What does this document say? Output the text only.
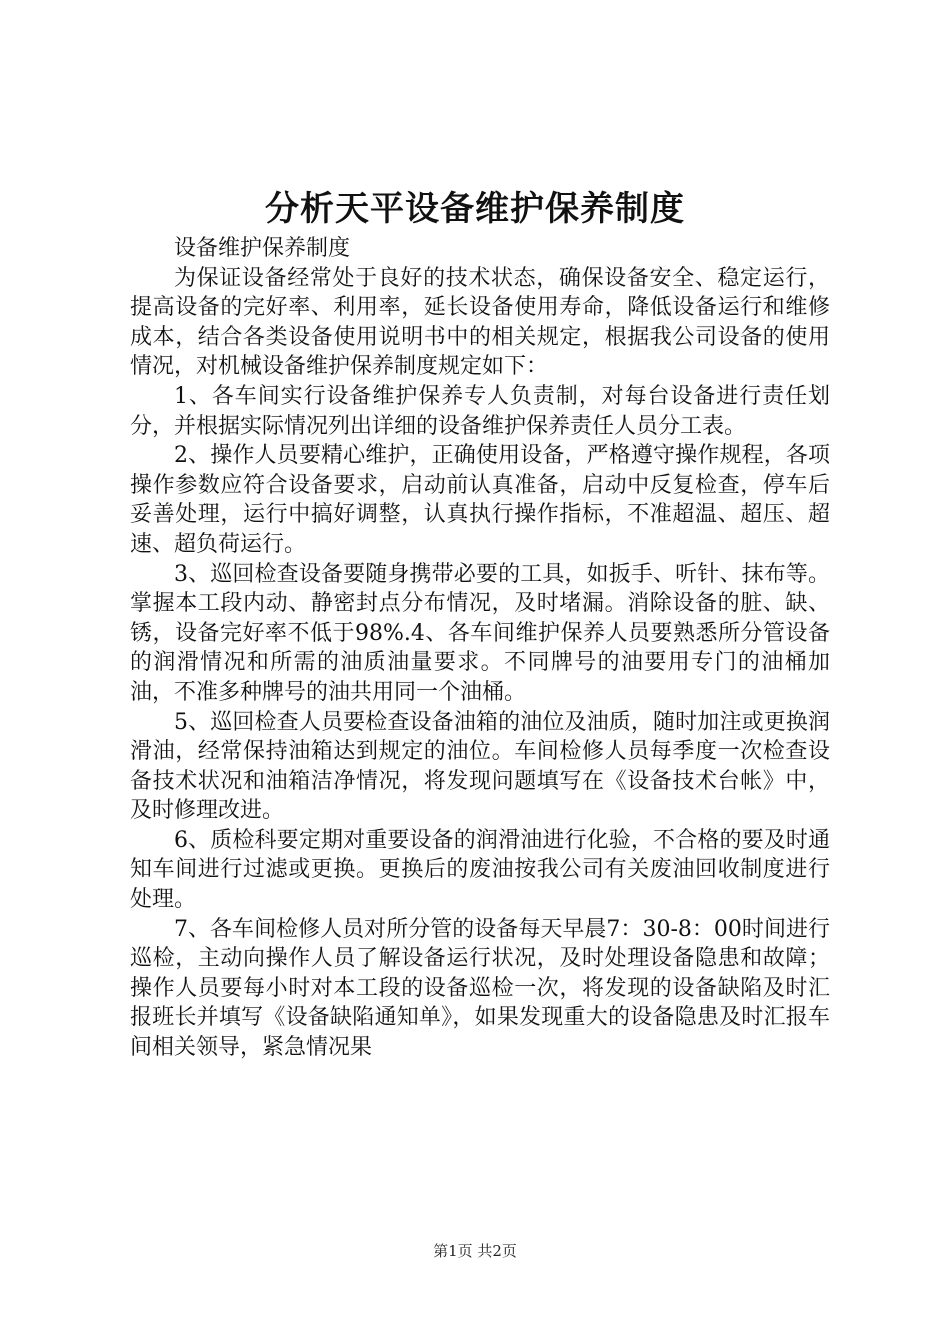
分析天平设备维护保养制度

设备维护保养制度

为保证设备经常处于良好的技术状态，确保设备安全、稳定运行，提高设备的完好率、利用率，延长设备使用寿命，降低设备运行和维修成本，结合各类设备使用说明书中的相关规定，根据我公司设备的使用情况，对机械设备维护保养制度规定如下：

1、各车间实行设备维护保养专人负责制，对每台设备进行责任划分，并根据实际情况列出详细的设备维护保养责任人员分工表。

2、操作人员要精心维护，正确使用设备，严格遵守操作规程，各项操作参数应符合设备要求，启动前认真准备，启动中反复检查，停车后妥善处理，运行中搞好调整，认真执行操作指标，不准超温、超压、超速、超负荷运行。

3、巡回检查设备要随身携带必要的工具，如扳手、听针、抹布等。掌握本工段内动、静密封点分布情况，及时堵漏。消除设备的脏、缺、锈，设备完好率不低于98%.4、各车间维护保养人员要熟悉所分管设备的润滑情况和所需的油质油量要求。不同牌号的油要用专门的油桶加油，不准多种牌号的油共用同一个油桶。

5、巡回检查人员要检查设备油箱的油位及油质，随时加注或更换润滑油，经常保持油箱达到规定的油位。车间检修人员每季度一次检查设备技术状况和油箱洁净情况，将发现问题填写在《设备技术台帐》中，及时修理改进。

6、质检科要定期对重要设备的润滑油进行化验，不合格的要及时通知车间进行过滤或更换。更换后的废油按我公司有关废油回收制度进行处理。

7、各车间检修人员对所分管的设备每天早晨7：30-8：00时间进行巡检，主动向操作人员了解设备运行状况，及时处理设备隐患和故障；操作人员要每小时对本工段的设备巡检一次，将发现的设备缺陷及时汇报班长并填写《设备缺陷通知单》，如果发现重大的设备隐患及时汇报车间相关领导，紧急情况果

第1页 共2页
